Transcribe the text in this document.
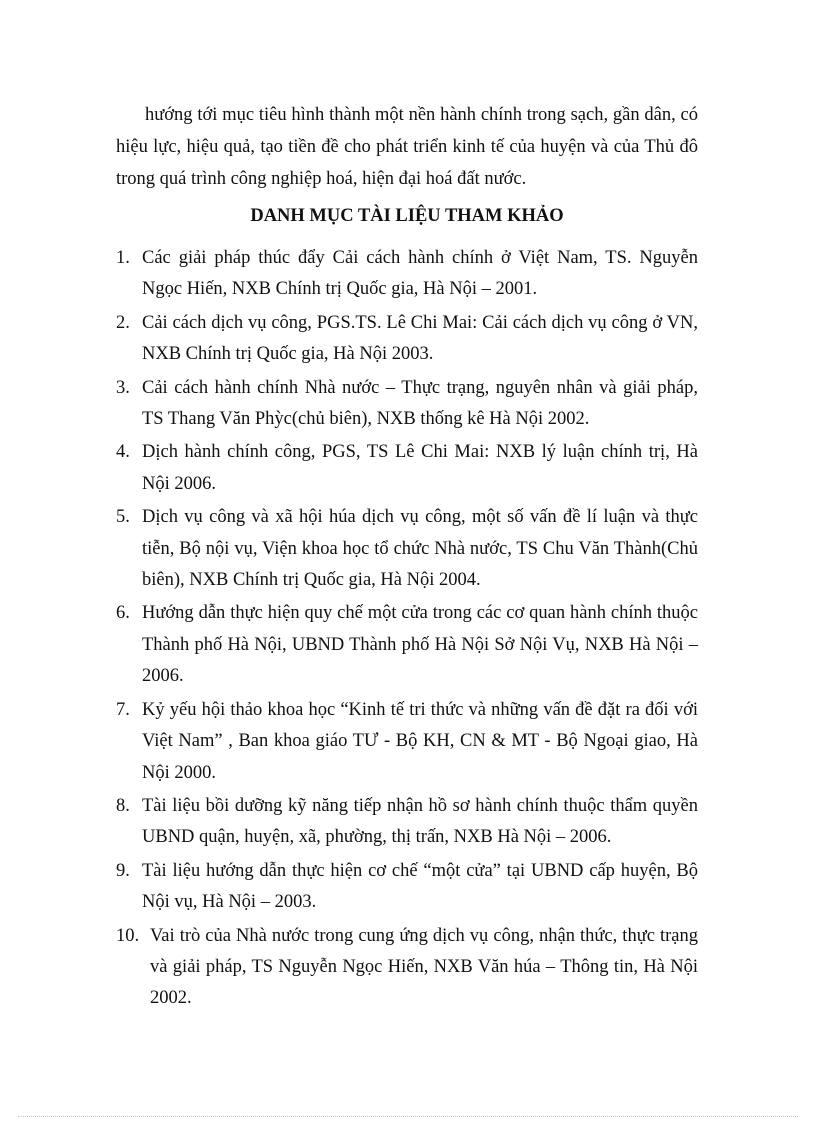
hướng tới mục tiêu hình thành một nền hành chính trong sạch, gần dân, có hiệu lực, hiệu quả, tạo tiền đề cho phát triển kinh tế của huyện và của Thủ đô trong quá trình công nghiệp hoá, hiện đại hoá đất nước.

DANH MỤC TÀI LIỆU THAM KHẢO
1. Các giải pháp thúc đẩy Cải cách hành chính ở Việt Nam, TS. Nguyễn Ngọc Hiến, NXB Chính trị Quốc gia, Hà Nội – 2001.
2. Cải cách dịch vụ công, PGS.TS. Lê Chi Mai: Cải cách dịch vụ công ở VN, NXB Chính trị Quốc gia, Hà Nội 2003.
3. Cải cách hành chính Nhà nước – Thực trạng, nguyên nhân và giải pháp, TS Thang Văn Phỳc(chủ biên), NXB thống kê Hà Nội 2002.
4. Dịch hành chính công, PGS, TS Lê Chi Mai: NXB lý luận chính trị, Hà Nội 2006.
5. Dịch vụ công và xã hội húa dịch vụ công, một số vấn đề lí luận và thực tiễn, Bộ nội vụ, Viện khoa học tổ chức Nhà nước, TS Chu Văn Thành(Chủ biên), NXB Chính trị Quốc gia, Hà Nội 2004.
6. Hướng dẫn thực hiện quy chế một cửa trong các cơ quan hành chính thuộc Thành phố Hà Nội, UBND Thành phố Hà Nội Sở Nội Vụ, NXB Hà Nội – 2006.
7. Kỷ yếu hội thảo khoa học “Kinh tế tri thức và những vấn đề đặt ra đối với Việt Nam” , Ban khoa giáo TƯ - Bộ KH, CN & MT - Bộ Ngoại giao, Hà Nội 2000.
8. Tài liệu bồi dưỡng kỹ năng tiếp nhận hồ sơ hành chính thuộc thẩm quyền UBND quận, huyện, xã, phường, thị trấn, NXB Hà Nội – 2006.
9. Tài liệu hướng dẫn thực hiện cơ chế “một cửa” tại UBND cấp huyện, Bộ Nội vụ, Hà Nội – 2003.
10. Vai trò của Nhà nước trong cung ứng dịch vụ công, nhận thức, thực trạng và giải pháp, TS Nguyễn Ngọc Hiến, NXB Văn húa – Thông tin, Hà Nội 2002.
